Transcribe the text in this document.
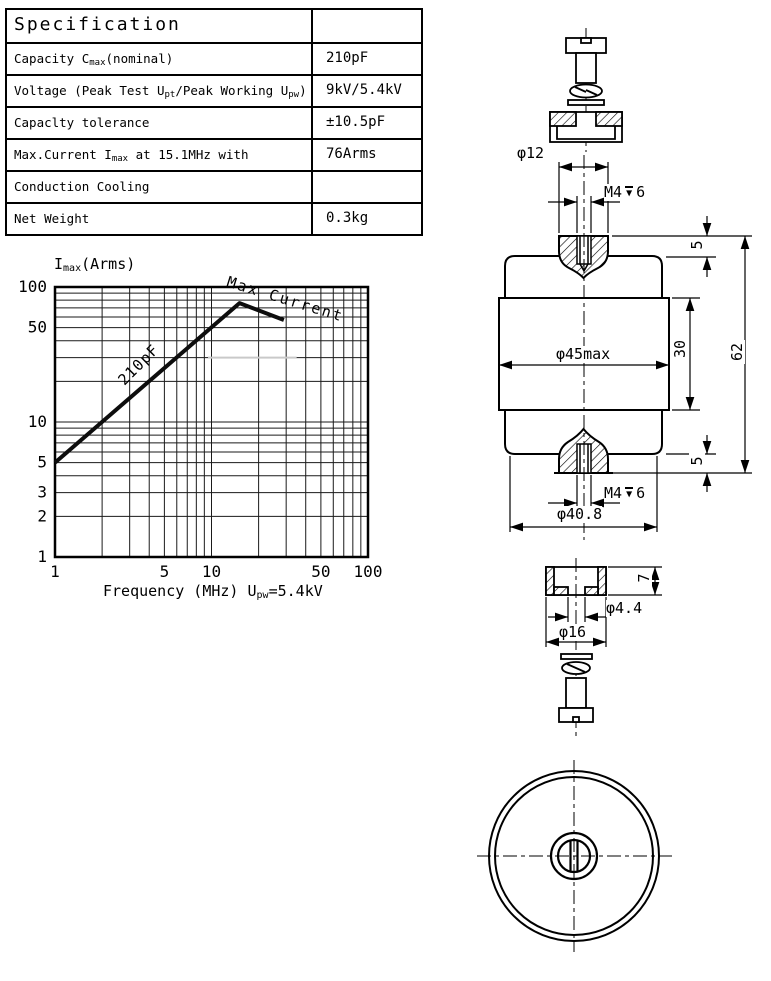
Specification
Capacity $C_{max}(nominal)$	210pF
Voltage (Peak Test $U_{pt}$/Peak Working $U_{pw}$)	9kV/5.4kV
Capaclty tolerance	±10.5pF
Max.Current $I_{max}$ at 15.1MHz with	76Arms
Conduction Cooling
Net Weight	0.3kg
Imax(Arms)
1	5 10	50 100
100
50
10
5
3
2
1
210pF
Max Current
Frequency (MHz) Upw=5.4kV
φ12
M4 ▼ 6
5
φ45max	30	62
5
M4 ▼ 6
φ40.8
7
φ4.4
φ16
